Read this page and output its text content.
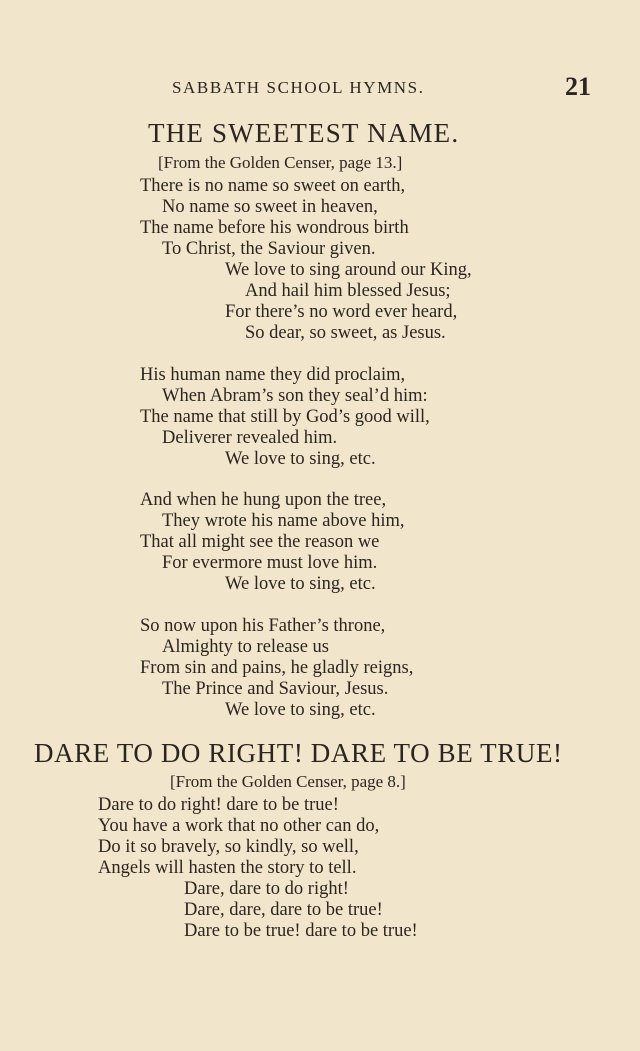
SABBATH SCHOOL HYMNS.	21
THE SWEETEST NAME.
[From the Golden Censer, page 13.]
There is no name so sweet on earth,
No name so sweet in heaven,
The name before his wondrous birth
To Christ, the Saviour given.
We love to sing around our King,
And hail him blessed Jesus;
For there’s no word ever heard,
So dear, so sweet, as Jesus.
His human name they did proclaim,
When Abram’s son they seal’d him:
The name that still by God’s good will,
Deliverer revealed him.
We love to sing, etc.
And when he hung upon the tree,
They wrote his name above him,
That all might see the reason we
For evermore must love him.
We love to sing, etc.
So now upon his Father’s throne,
Almighty to release us
From sin and pains, he gladly reigns,
The Prince and Saviour, Jesus.
We love to sing, etc.
DARE TO DO RIGHT! DARE TO BE TRUE!
[From the Golden Censer, page 8.]
Dare to do right! dare to be true!
You have a work that no other can do,
Do it so bravely, so kindly, so well,
Angels will hasten the story to tell.
Dare, dare to do right!
Dare, dare, dare to be true!
Dare to be true! dare to be true!
